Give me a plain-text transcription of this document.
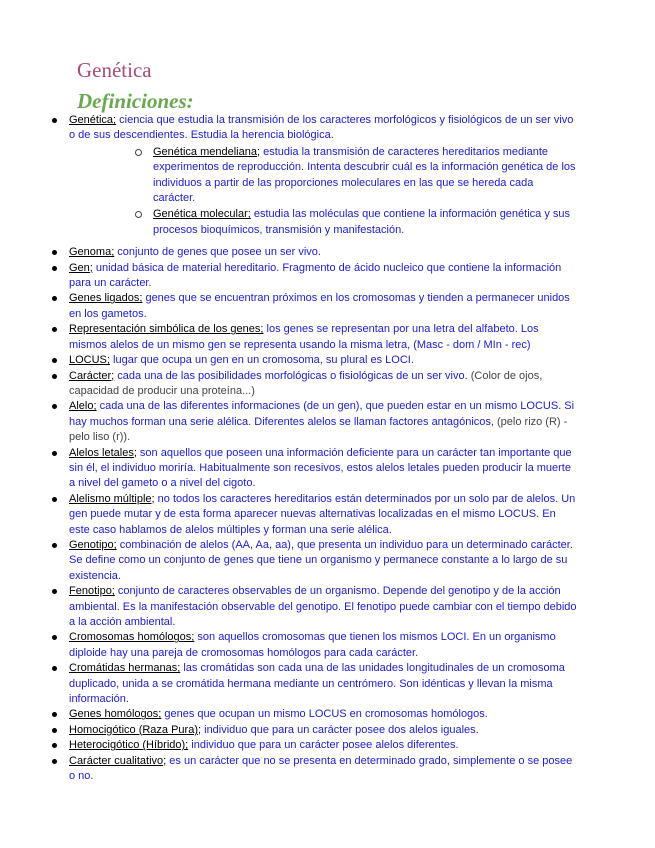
Genética
Definiciones:
Genética; ciencia que estudia la transmisión de los caracteres morfológicos y fisiológicos de un ser vivo o de sus descendientes. Estudia la herencia biológica.
Genética mendeliana; estudia la transmisión de caracteres hereditarios mediante experimentos de reproducción. Intenta descubrir cuál es la información genética de los individuos a partir de las proporciones moleculares en las que se hereda cada carácter.
Genética molecular; estudia las moléculas que contiene la información genética y sus procesos bioquímicos, transmisión y manifestación.
Genoma; conjunto de genes que posee un ser vivo.
Gen; unidad básica de material hereditario. Fragmento de ácido nucleico que contiene la información para un carácter.
Genes ligados; genes que se encuentran próximos en los cromosomas y tienden a permanecer unidos en los gametos.
Representación simbólica de los genes; los genes se representan por una letra del alfabeto. Los mismos alelos de un mismo gen se representa usando la misma letra, (Masc - dom / MIn - rec)
LOCUS; lugar que ocupa un gen en un cromosoma, su plural es LOCI.
Carácter; cada una de las posibilidades morfológicas o fisiológicas de un ser vivo. (Color de ojos, capacidad de producir una proteína...)
Alelo; cada una de las diferentes informaciones (de un gen), que pueden estar en un mismo LOCUS. Si hay muchos forman una serie alélica. Diferentes alelos se llaman factores antagónicos, (pelo rizo (R) - pelo liso (r)).
Alelos letales; son aquellos que poseen una información deficiente para un carácter tan importante que sin él, el individuo moriría. Habitualmente son recesivos, estos alelos letales pueden producir la muerte a nivel del gameto o a nivel del cigoto.
Alelismo múltiple; no todos los caracteres hereditarios están determinados por un solo par de alelos. Un gen puede mutar y de esta forma aparecer nuevas alternativas localizadas en el mismo LOCUS. En este caso hablamos de alelos múltiples y forman una serie alélica.
Genotipo; combinación de alelos (AA, Aa, aa), que presenta un individuo para un determinado carácter. Se define como un conjunto de genes que tiene un organismo y permanece constante a lo largo de su existencia.
Fenotipo; conjunto de caracteres observables de un organismo. Depende del genotipo y de la acción ambiental. Es la manifestación observable del genotipo. El fenotipo puede cambiar con el tiempo debido a la acción ambiental.
Cromosomas homólogos; son aquellos cromosomas que tienen los mismos LOCI. En un organismo diploide hay una pareja de cromosomas homólogos para cada carácter.
Cromátidas hermanas; las cromátidas son cada una de las unidades longitudinales de un cromosoma duplicado, unida a se cromátida hermana mediante un centrómero. Son idénticas y llevan la misma información.
Genes homólogos; genes que ocupan un mismo LOCUS en cromosomas homólogos.
Homocigótico (Raza Pura); individuo que para un carácter posee dos alelos iguales.
Heterocigótico (Híbrido); individuo que para un carácter posee alelos diferentes.
Carácter cualitativo; es un carácter que no se presenta en determinado grado, simplemente o se posee o no.
